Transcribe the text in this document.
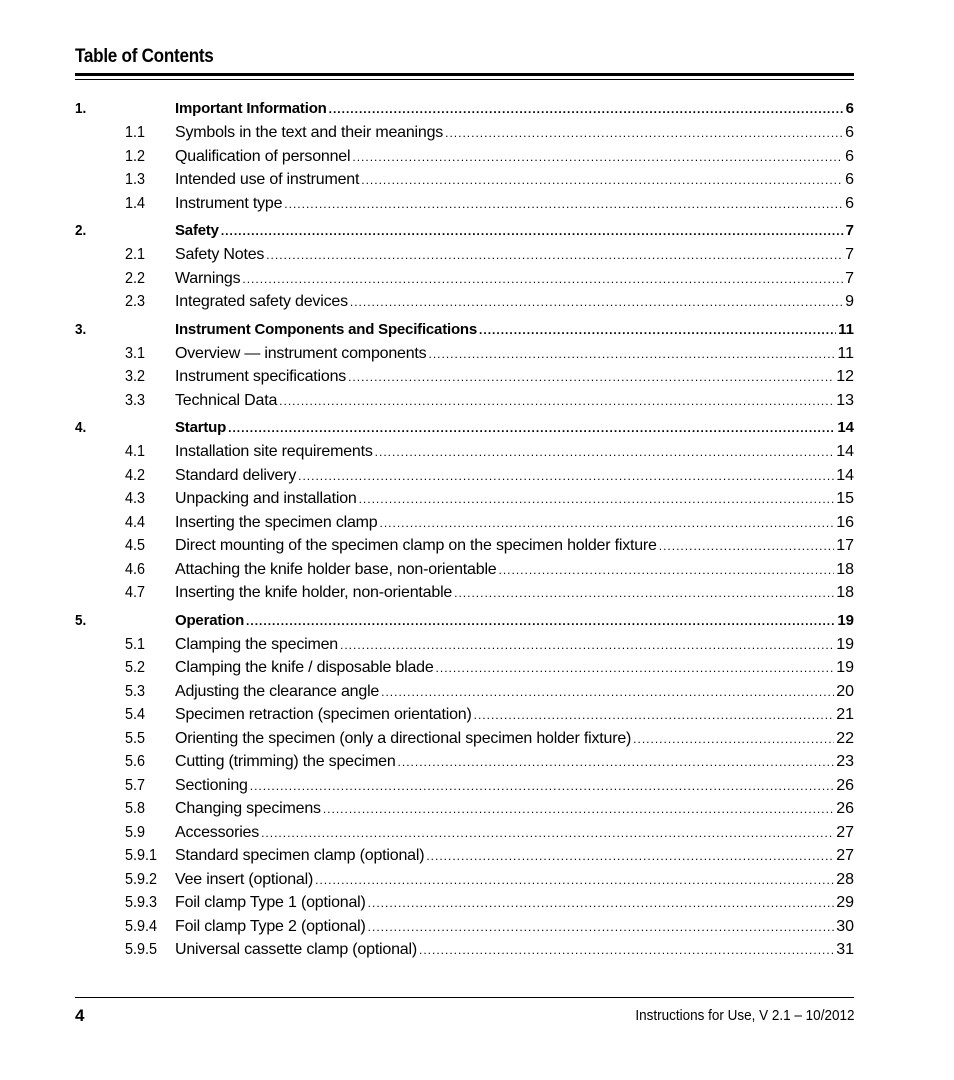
Table of Contents
1.	Important Information .....	6
1.1 Symbols in the text and their meanings .....	6
1.2 Qualification of personnel .....	6
1.3 Intended use of instrument .....	6
1.4 Instrument type .....	6
2.	Safety .....	7
2.1 Safety Notes .....	7
2.2 Warnings .....	7
2.3 Integrated safety devices .....	9
3.	Instrument Components and Specifications .....	11
3.1 Overview — instrument components .....	11
3.2 Instrument specifications .....	12
3.3 Technical Data .....	13
4.	Startup .....	14
4.1 Installation site requirements .....	14
4.2 Standard delivery .....	14
4.3 Unpacking and installation .....	15
4.4 Inserting the specimen clamp .....	16
4.5 Direct mounting of the specimen clamp on the specimen holder fixture .....	17
4.6 Attaching the knife holder base, non-orientable .....	18
4.7 Inserting the knife holder, non-orientable .....	18
5.	Operation .....	19
5.1 Clamping the specimen .....	19
5.2 Clamping the knife / disposable blade .....	19
5.3 Adjusting the clearance angle .....	20
5.4 Specimen retraction (specimen orientation) .....	21
5.5 Orienting the specimen (only a directional specimen holder fixture) .....	22
5.6 Cutting (trimming) the specimen .....	23
5.7 Sectioning .....	26
5.8 Changing specimens .....	26
5.9 Accessories .....	27
5.9.1 Standard specimen clamp (optional) .....	27
5.9.2 Vee insert (optional) .....	28
5.9.3 Foil clamp Type 1 (optional) .....	29
5.9.4 Foil clamp Type 2 (optional) .....	30
5.9.5 Universal cassette clamp (optional) .....	31
4	Instructions for Use, V 2.1 – 10/2012
